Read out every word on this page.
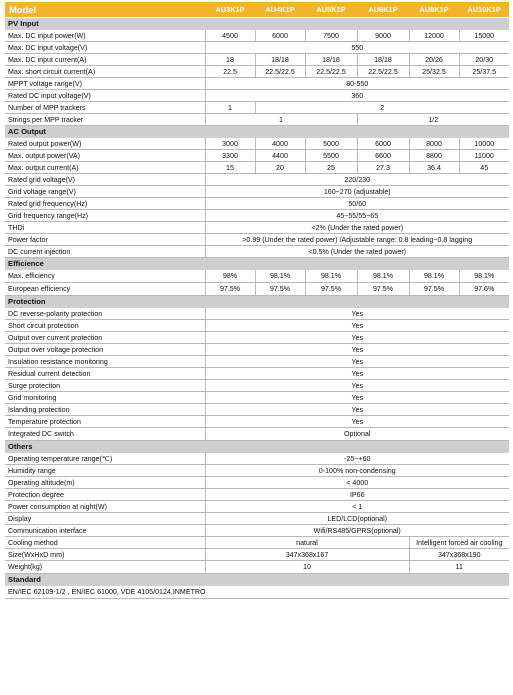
Model	AU3K1P	AU4K1P	AU5K1P	AU6K1P	AU8K1P	AU10K1P
PV Input						
Max. DC input power(W)	4500	6000	7500	9000	12000	15000
Max. DC input voltage(V)	550					
Max. DC input current(A)	18	18/18	18/18	18/18	20/26	20/30
Max. short circuit current(A)	22.5	22.5/22.5	22.5/22.5	22.5/22.5	25/32.5	25/37.5
MPPT voltage range(V)	80-550					
Rated DC input voltage(V)	360					
Number of MPP trackers	1	2				
Strings per MPP tracker	1			1/2		
AC Output						
Rated output power(W)	3000	4000	5000	6000	8000	10000
Max. output power(VA)	3300	4400	5500	6600	8800	11000
Max. output current(A)	15	20	25	27.3	36.4	45
Rated grid voltage(V)	220/230					
Grid voltage range(V)	160~270 (adjustable)					
Rated grid frequency(Hz)	50/60					
Grid frequency range(Hz)	45~55/55~65					
THDi	<2% (Under the rated power)					
Power factor	>0.99 (Under the rated power) /Adjustable range: 0.8 leading~0.8 lagging					
DC current injection	<0.5% (Under the rated power)					
Efficience						
Max. efficiency	98%	98.1%	98.1%	98.1%	98.1%	98.1%
European efficiency	97.5%	97.5%	97.5%	97.5%	97.5%	97.6%
Protection						
DC reverse-polarity protection	Yes					
Short circuit protection	Yes					
Output over current protection	Yes					
Output over voltage protection	Yes					
Insulation resistance monitoring	Yes					
Residual current detection	Yes					
Surge protection	Yes					
Grid monitoring	Yes					
Islanding protection	Yes					
Temperature protection	Yes					
Integrated DC switch	Optional					
Others						
Operating temperature range(℃)	-25~+60					
Humidity range	0-100% non-condensing					
Operating altitude(m)	< 4000					
Protection degree	IP66					
Power consumption at night(W)	< 1					
Display	LED/LCD(optional)					
Communication interface	Wifi/RS485/GPRS(optional)					
Cooling method	natural				Intelligent forced air cooling	
Size(WxHxD mm)	347x368x167				347x368x190	
Weight(kg)	10				11	
Standard						
EN/IEC 62109-1/2 , EN/IEC 61000, VDE 4105/0124,INMETRO						
